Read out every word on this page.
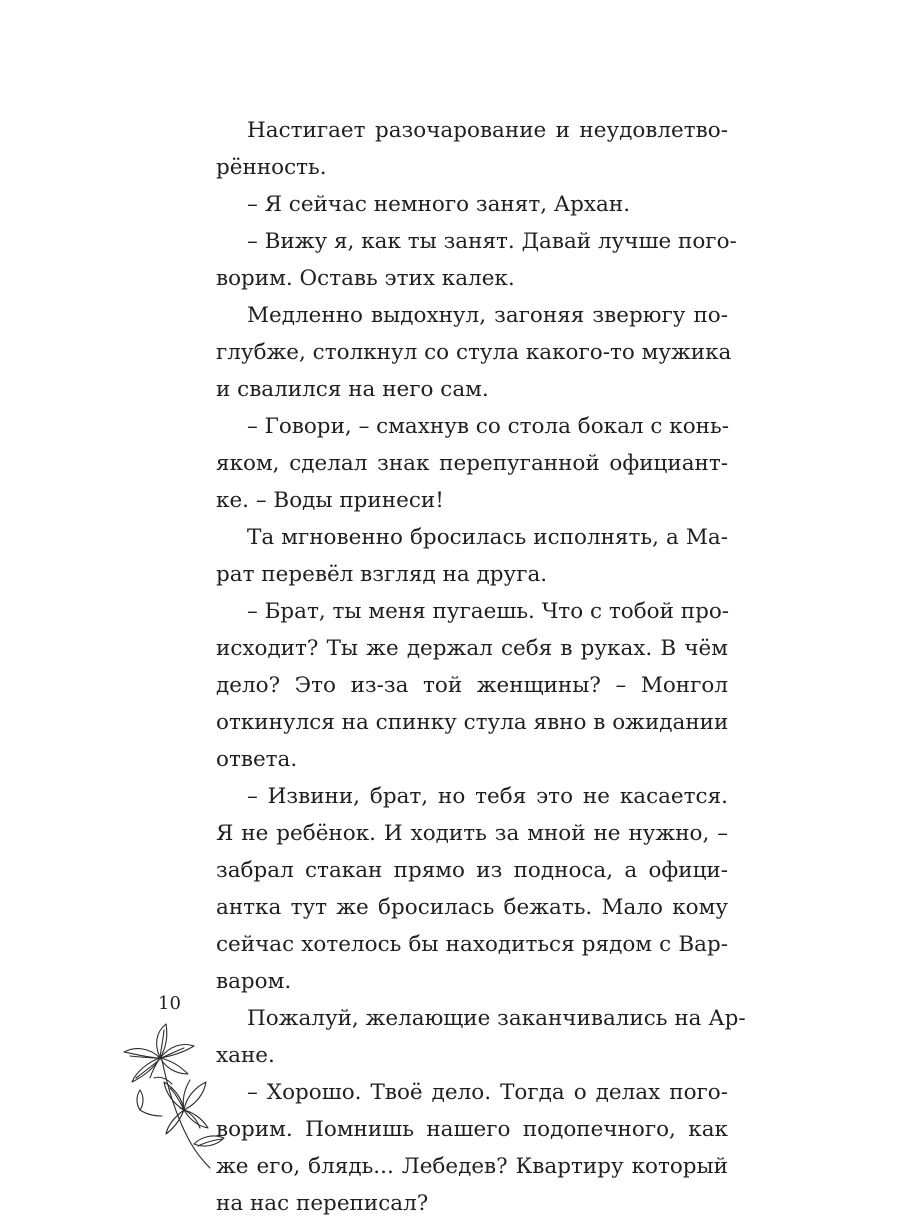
Настигает разочарование и неудовлетво-
рённость.
– Я сейчас немного занят, Архан.
– Вижу я, как ты занят. Давай лучше пого-
ворим. Оставь этих калек.
Медленно выдохнул, загоняя зверюгу по-
глубже, столкнул со стула какого-то мужика
и свалился на него сам.
– Говори, – смахнув со стола бокал с конь-
яком, сделал знак перепуганной официант-
ке. – Воды принеси!
Та мгновенно бросилась исполнять, а Ма-
рат перевёл взгляд на друга.
– Брат, ты меня пугаешь. Что с тобой про-
исходит? Ты же держал себя в руках. В чём
дело? Это из-за той женщины? – Монгол
откинулся на спинку стула явно в ожидании
ответа.
– Извини, брат, но тебя это не касается.
Я не ребёнок. И ходить за мной не нужно, –
забрал стакан прямо из подноса, а офици-
антка тут же бросилась бежать. Мало кому
сейчас хотелось бы находиться рядом с Вар-
варом.
Пожалуй, желающие заканчивались на Ар-
хане.
– Хорошо. Твоё дело. Тогда о делах пого-
ворим. Помнишь нашего подопечного, как
же его, блядь... Лебедев? Квартиру который
на нас переписал?
10
